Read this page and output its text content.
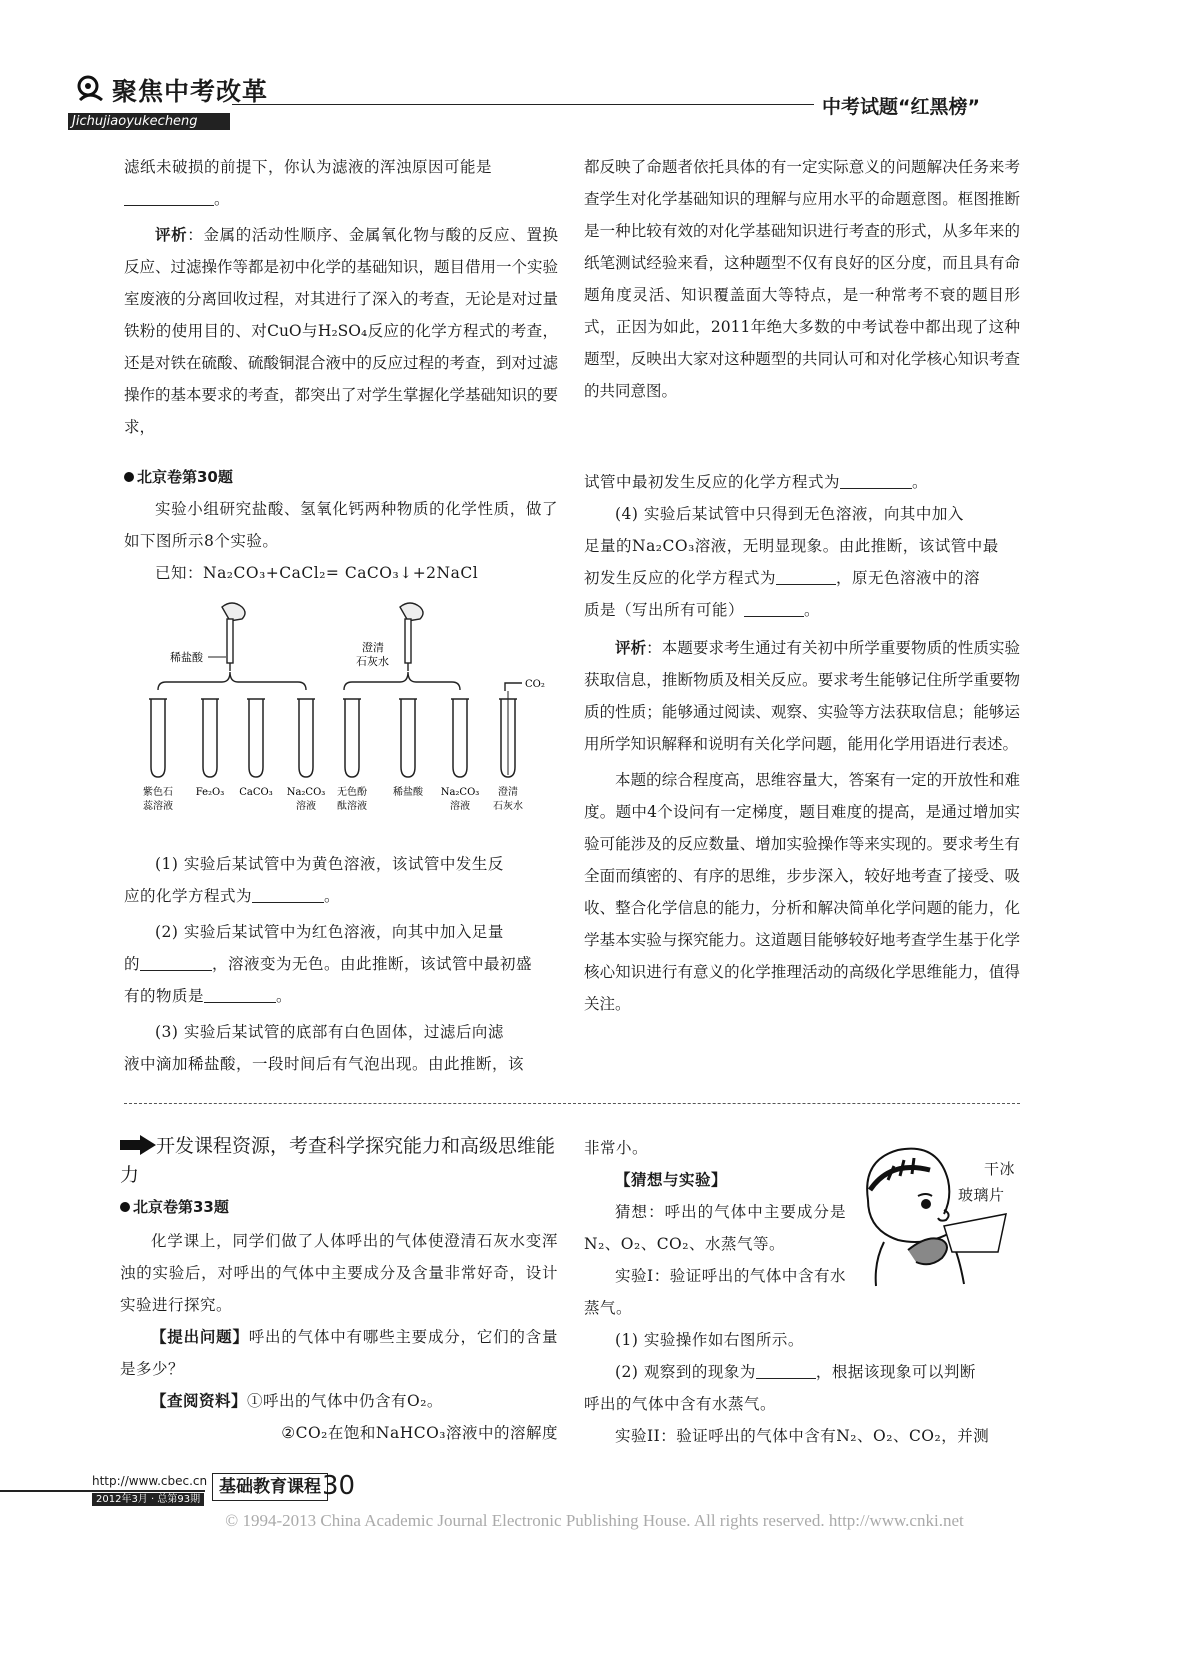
聚焦中考改革
Jichujiaoyukecheng
中考试题“红黑榜”

滤纸未破损的前提下，你认为滤液的浑浊原因可能是

。

评析：金属的活动性顺序、金属氧化物与酸的反应、置换反应、过滤操作等都是初中化学的基础知识，题目借用一个实验室废液的分离回收过程，对其进行了深入的考查，无论是对过量铁粉的使用目的、对CuO与H₂SO₄反应的化学方程式的考查，还是对铁在硫酸、硫酸铜混合液中的反应过程的考查，到对过滤操作的基本要求的考查，都突出了对学生掌握化学基础知识的要求，

都反映了命题者依托具体的有一定实际意义的问题解决任务来考查学生对化学基础知识的理解与应用水平的命题意图。框图推断是一种比较有效的对化学基础知识进行考查的形式，从多年来的纸笔测试经验来看，这种题型不仅有良好的区分度，而且具有命题角度灵活、知识覆盖面大等特点，是一种常考不衰的题目形式，正因为如此，2011年绝大多数的中考试卷中都出现了这种题型，反映出大家对这种题型的共同认可和对化学核心知识考查的共同意图。

北京卷第30题

实验小组研究盐酸、氢氧化钙两种物质的化学性质，做了如下图所示8个实验。

已知：Na₂CO₃+CaCl₂= CaCO₃↓+2NaCl

稀盐酸
澄清
石灰水
CO₂
紫色石
蕊溶液
Fe₂O₃ CaCO₃ Na₂CO₃
溶液
无色酚
酞溶液
稀盐酸 Na₂CO₃
溶液
澄清
石灰水

(1) 实验后某试管中为黄色溶液，该试管中发生反

应的化学方程式为	。

(2) 实验后某试管中为红色溶液，向其中加入足量

的	，溶液变为无色。由此推断，该试管中最初盛

有的物质是	。

(3) 实验后某试管的底部有白色固体，过滤后向滤

液中滴加稀盐酸，一段时间后有气泡出现。由此推断，该

试管中最初发生反应的化学方程式为	。

(4) 实验后某试管中只得到无色溶液，向其中加入

足量的Na₂CO₃溶液，无明显现象。由此推断，该试管中最

初发生反应的化学方程式为	，原无色溶液中的溶

质是（写出所有可能）	。

评析：本题要求考生通过有关初中所学重要物质的性质实验获取信息，推断物质及相关反应。要求考生能够记住所学重要物质的性质；能够通过阅读、观察、实验等方法获取信息；能够运用所学知识解释和说明有关化学问题，能用化学用语进行表述。

本题的综合程度高，思维容量大，答案有一定的开放性和难度。题中4个设问有一定梯度，题目难度的提高，是通过增加实验可能涉及的反应数量、增加实验操作等来实现的。要求考生有全面而缜密的、有序的思维，步步深入，较好地考查了接受、吸收、整合化学信息的能力，分析和解决简单化学问题的能力，化学基本实验与探究能力。这道题目能够较好地考查学生基于化学核心知识进行有意义的化学推理活动的高级化学思维能力，值得关注。

开发课程资源，考查科学探究能力和高级思维能力
北京卷第33题

化学课上，同学们做了人体呼出的气体使澄清石灰水变浑浊的实验后，对呼出的气体中主要成分及含量非常好奇，设计实验进行探究。

【提出问题】呼出的气体中有哪些主要成分，它们的含量是多少？

【查阅资料】①呼出的气体中仍含有O₂。

②CO₂在饱和NaHCO₃溶液中的溶解度

非常小。

【猜想与实验】

猜想：呼出的气体中主要成分是N₂、O₂、CO₂、水蒸气等。

实验I：验证呼出的气体中含有水蒸气。

(1) 实验操作如右图所示。

(2) 观察到的现象为	，根据该现象可以判断

呼出的气体中含有水蒸气。

实验II：验证呼出的气体中含有N₂、O₂、CO₂，并测

干冰
玻璃片
http://www.cbec.cn
2012年3月 · 总第93期
基础教育课程 30
© 1994-2013 China Academic Journal Electronic Publishing House. All rights reserved. http://www.cnki.net
